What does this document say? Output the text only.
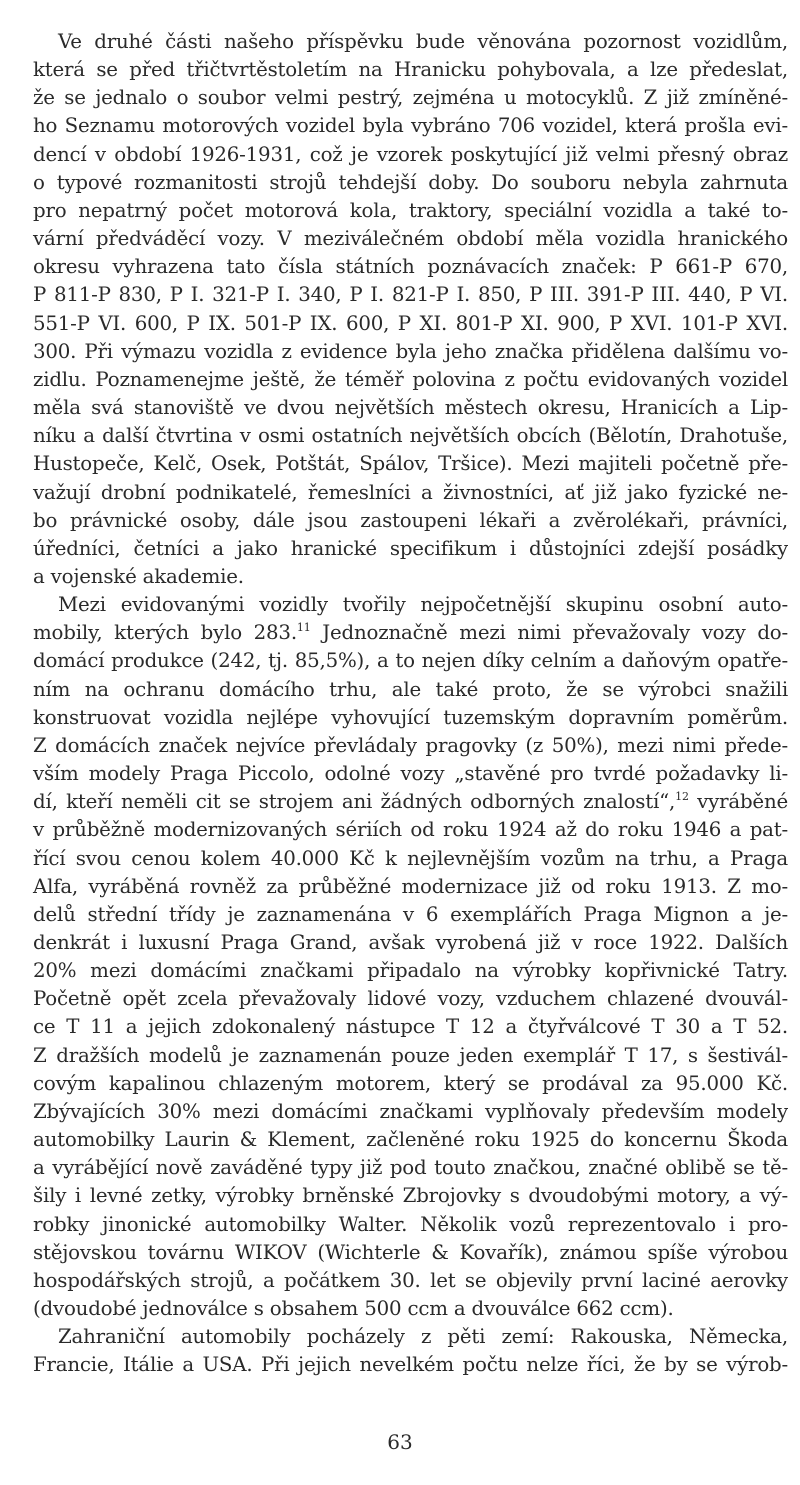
Ve druhé části našeho příspěvku bude věnována pozornost vozidlům,
která se před třičtvrtěstoletím na Hranicku pohybovala, a lze předeslat,
že se jednalo o soubor velmi pestrý, zejména u motocyklů. Z již zmíněné-
ho Seznamu motorových vozidel byla vybráno 706 vozidel, která prošla evi-
dencí v období 1926-1931, což je vzorek poskytující již velmi přesný obraz
o typové rozmanitosti strojů tehdejší doby. Do souboru nebyla zahrnuta
pro nepatrný počet motorová kola, traktory, speciální vozidla a také to-
vární předváděcí vozy. V meziválečném období měla vozidla hranického
okresu vyhrazena tato čísla státních poznávacích značek: P 661-P 670,
P 811-P 830, P I. 321-P I. 340, P I. 821-P I. 850, P III. 391-P III. 440, P VI.
551-P VI. 600, P IX. 501-P IX. 600, P XI. 801-P XI. 900, P XVI. 101-P XVI.
300. Při výmazu vozidla z evidence byla jeho značka přidělena dalšímu vo-
zidlu. Poznamenejme ještě, že téměř polovina z počtu evidovaných vozidel
měla svá stanoviště ve dvou největších městech okresu, Hranicích a Lip-
níku a další čtvrtina v osmi ostatních největších obcích (Bělotín, Drahotuše,
Hustopeče, Kelč, Osek, Potštát, Spálov, Tršice). Mezi majiteli početně pře-
važují drobní podnikatelé, řemeslníci a živnostníci, ať již jako fyzické ne-
bo právnické osoby, dále jsou zastoupeni lékaři a zvěrolékaři, právníci,
úředníci, četníci a jako hranické specifikum i důstojníci zdejší posádky
a vojenské akademie.
Mezi evidovanými vozidly tvořily nejpočetnější skupinu osobní auto-
mobily, kterých bylo 283.11 Jednoznačně mezi nimi převažovaly vozy do-
domácí produkce (242, tj. 85,5%), a to nejen díky celním a daňovým opatře-
ním na ochranu domácího trhu, ale také proto, že se výrobci snažili
konstruovat vozidla nejlépe vyhovující tuzemským dopravním poměrům.
Z domácích značek nejvíce převládaly pragovky (z 50%), mezi nimi přede-
vším modely Praga Piccolo, odolné vozy „stavěné pro tvrdé požadavky li-
dí, kteří neměli cit se strojem ani žádných odborných znalostí“,$^{12}$ vyráběné
v průběžně modernizovaných sériích od roku 1924 až do roku 1946 a pat-
řící svou cenou kolem 40.000 Kč k nejlevnějším vozům na trhu, a Praga
Alfa, vyráběná rovněž za průběžné modernizace již od roku 1913. Z mo-
delů střední třídy je zaznamenána v 6 exemplářích Praga Mignon a je-
denkrát i luxusní Praga Grand, avšak vyrobená již v roce 1922. Dalších
20% mezi domácími značkami připadalo na výrobky kopřivnické Tatry.
Početně opět zcela převažovaly lidové vozy, vzduchem chlazené dvouvál-
ce T 11 a jejich zdokonalený nástupce T 12 a čtyřválcové T 30 a T 52.
Z dražších modelů je zaznamenán pouze jeden exemplář T 17, s šestivál-
covým kapalinou chlazeným motorem, který se prodával za 95.000 Kč.
Zbývajících 30% mezi domácími značkami vyplňovaly především modely
automobilky Laurin & Klement, začleněné roku 1925 do koncernu Škoda
a vyrábějící nově zaváděné typy již pod touto značkou, značné oblibě se tě-
šily i levné zetky, výrobky brněnské Zbrojovky s dvoudobými motory, a vý-
robky jinonické automobilky Walter. Několik vozů reprezentovalo i pro-
stějovskou továrnu WIKOV (Wichterle & Kovařík), známou spíše výrobou
hospodářských strojů, a počátkem 30. let se objevily první laciné aerovky
(dvoudobé jednoválce s obsahem 500 ccm a dvouválce 662 ccm).
Zahraniční automobily pocházely z pěti zemí: Rakouska, Německa,
Francie, Itálie a USA. Při jejich nevelkém počtu nelze říci, že by se výrob-
63
